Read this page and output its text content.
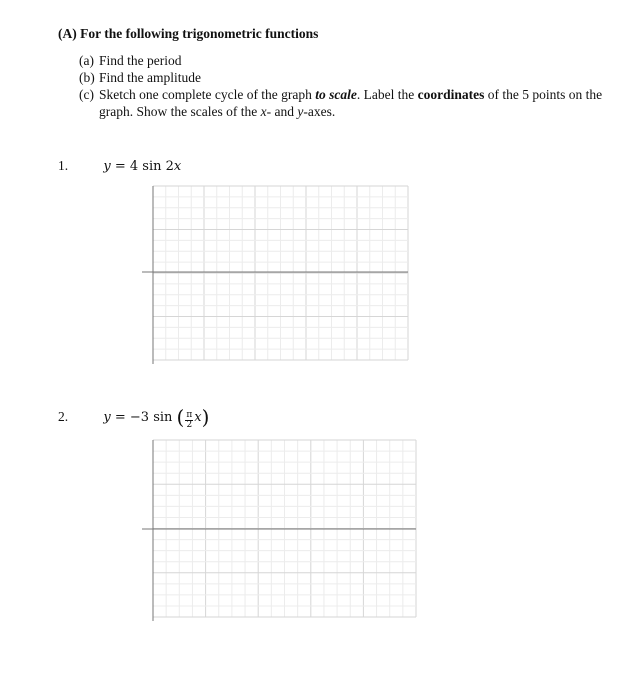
(A) For the following trigonometric functions
(a) Find the period
(b) Find the amplitude
(c) Sketch one complete cycle of the graph to scale. Label the coordinates of the 5 points on the graph. Show the scales of the x- and y-axes.
1.	y = 4 sin 2x
2.	y = −3 sin ( $\frac{\pi}{2} x$)
